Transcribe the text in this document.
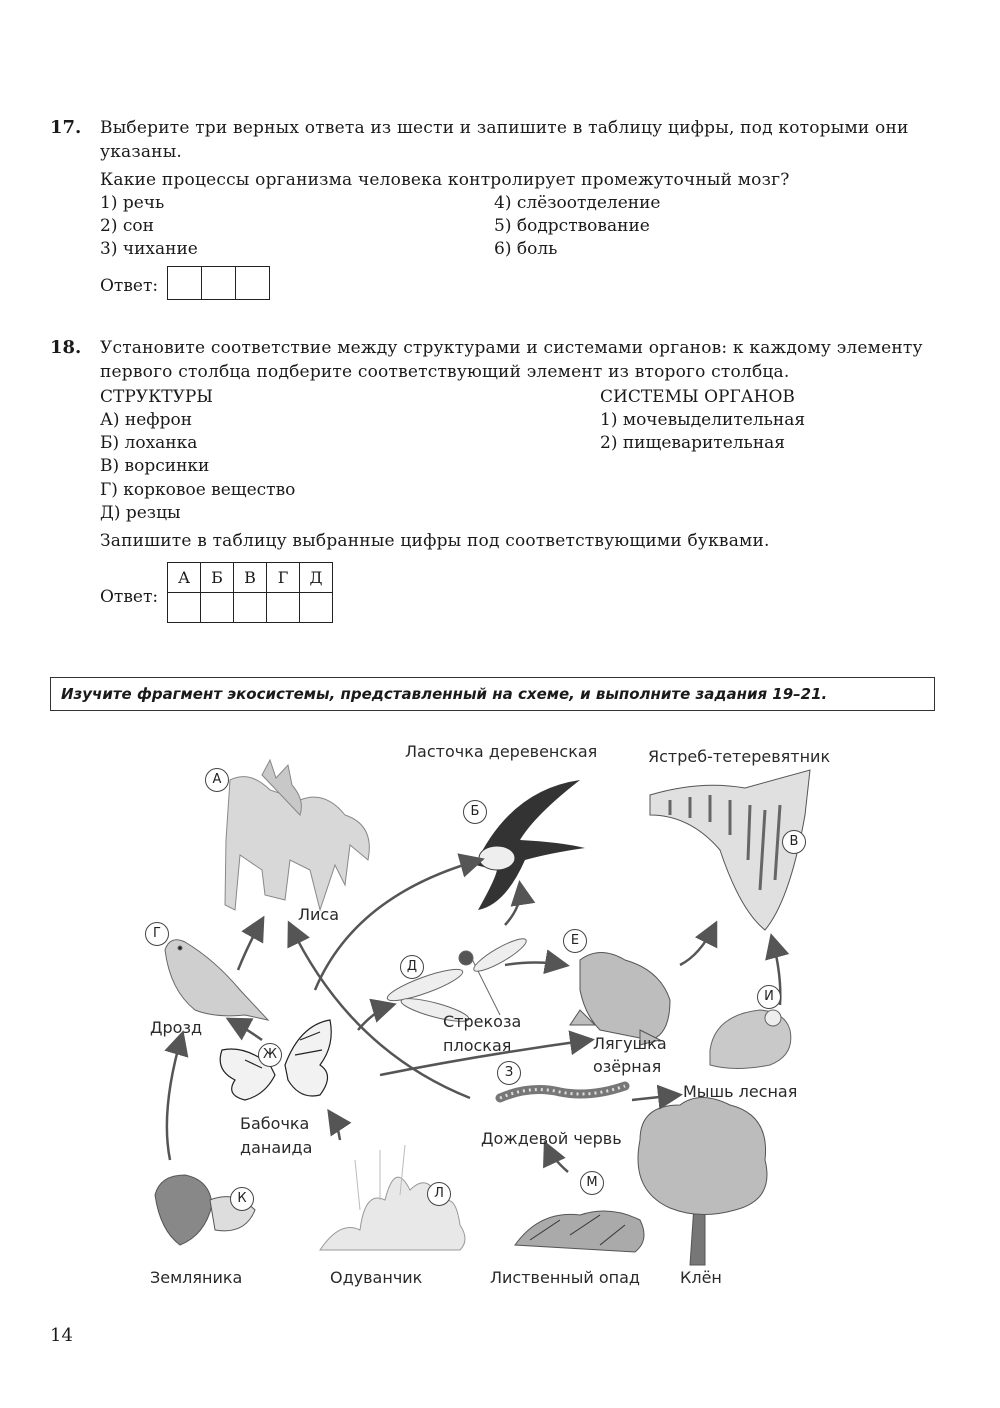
17. Выберите три верных ответа из шести и запишите в таблицу цифры, под которыми они
указаны.
Какие процессы организма человека контролирует промежуточный мозг?
1) речь
2) сон
3) чихание
4) слёзоотделение
5) бодрствование
6) боль
Ответ:
18. Установите соответствие между структурами и системами органов: к каждому элементу
первого столбца подберите соответствующий элемент из второго столбца.
СТРУКТУРЫ	СИСТЕМЫ ОРГАНОВ
А) нефрон
Б) лоханка
В) ворсинки
Г) корковое вещество
Д) резцы
1) мочевыделительная
2) пищеварительная
Запишите в таблицу выбранные цифры под соответствующими буквами.
Ответ:
А	Б	В	Г	Д

Изучите фрагмент экосистемы, представленный на схеме, и выполните задания 19–21.
А
Б
В
Г
Д
Е
Ж
З
И
К	Л
М
Лиса
Ласточка деревенская	Ястреб-тетеревятник
Дрозд	Стрекоза
плоская	Лягушка
озёрная
Бабочка
данаида	Дождевой червь
Мышь лесная
Земляника	Одуванчик	Лиственный опад	Клён
14
